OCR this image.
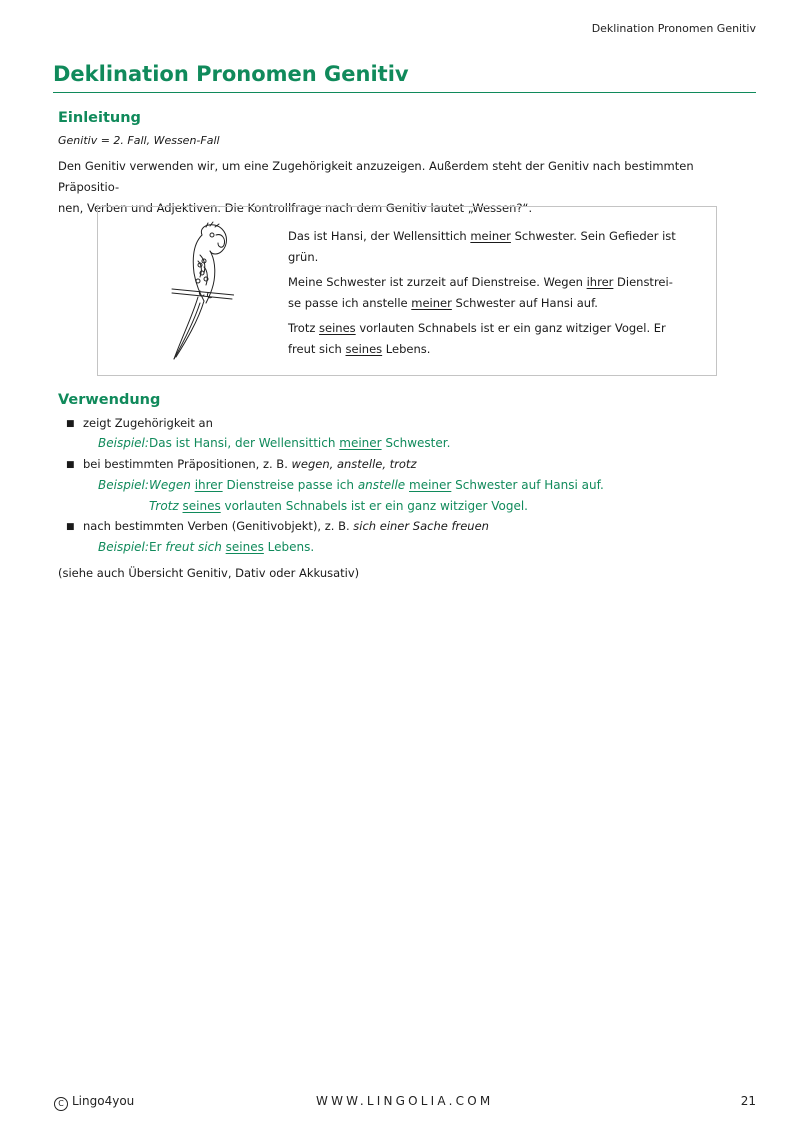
Deklination Pronomen Genitiv
Deklination Pronomen Genitiv
Einleitung

Genitiv = 2. Fall, Wessen-Fall

Den Genitiv verwenden wir, um eine Zugehörigkeit anzuzeigen. Außerdem steht der Genitiv nach bestimmten Präpositio-
nen, Verben und Adjektiven. Die Kontrollfrage nach dem Genitiv lautet „Wessen?“.

Das ist Hansi, der Wellensittich meiner Schwester. Sein Gefieder ist
grün.

Meine Schwester ist zurzeit auf Dienstreise. Wegen ihrer Dienstrei-
se passe ich anstelle meiner Schwester auf Hansi auf.

Trotz seines vorlauten Schnabels ist er ein ganz witziger Vogel. Er
freut sich seines Lebens.

Verwendung
■ zeigt Zugehörigkeit an
Beispiel:Das ist Hansi, der Wellensittich meiner Schwester.
■ bei bestimmten Präpositionen, z. B. wegen, anstelle, trotz
Beispiel:Wegen ihrer Dienstreise passe ich anstelle meiner Schwester auf Hansi auf.
Trotz seines vorlauten Schnabels ist er ein ganz witziger Vogel.
■ nach bestimmten Verben (Genitivobjekt), z. B. sich einer Sache freuen
Beispiel:Er freut sich seines Lebens.

(siehe auch Übersicht Genitiv, Dativ oder Akkusativ)

C Lingo4you	WWW.LINGOLIA.COM	21
